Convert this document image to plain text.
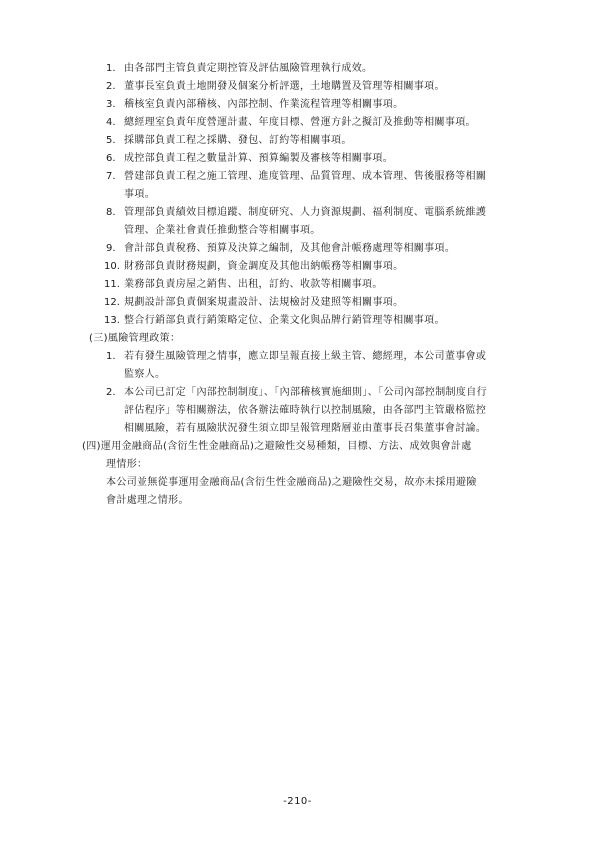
1. 由各部門主管負責定期控管及評估風險管理執行成效。
2. 董事長室負責土地開發及個案分析評選，土地購置及管理等相關事項。
3. 稽核室負責內部稽核、內部控制、作業流程管理等相關事項。
4. 總經理室負責年度營運計畫、年度目標、營運方針之擬訂及推動等相關事項。
5. 採購部負責工程之採購、發包、訂約等相關事項。
6. 成控部負責工程之數量計算、預算編製及審核等相關事項。
7. 營建部負責工程之施工管理、進度管理、品質管理、成本管理、售後服務等相關
事項。
8. 管理部負責績效目標追蹤、制度研究、人力資源規劃、福利制度、電腦系統維護
管理、企業社會責任推動整合等相關事項。
9. 會計部負責稅務、預算及決算之編制，及其他會計帳務處理等相關事項。
10. 財務部負責財務規劃，資金調度及其他出納帳務等相關事項。
11. 業務部負責房屋之銷售、出租，訂約、收款等相關事項。
12. 規劃設計部負責個案規畫設計、法規檢討及建照等相關事項。
13. 整合行銷部負責行銷策略定位、企業文化與品牌行銷管理等相關事項。
(三)風險管理政策：
1. 若有發生風險管理之情事，應立即呈報直接上級主管、總經理，本公司董事會或
監察人。
2. 本公司已訂定「內部控制制度」、「內部稽核實施細則」、「公司內部控制制度自行
評估程序」等相關辦法，依各辦法確時執行以控制風險，由各部門主管嚴格監控
相關風險，若有風險狀況發生須立即呈報管理階層並由董事長召集董事會討論。
(四)運用金融商品(含衍生性金融商品)之避險性交易種類，目標、方法、成效與會計處
理情形：
本公司並無從事運用金融商品(含衍生性金融商品)之避險性交易，故亦未採用避險
會計處理之情形。
-210-
